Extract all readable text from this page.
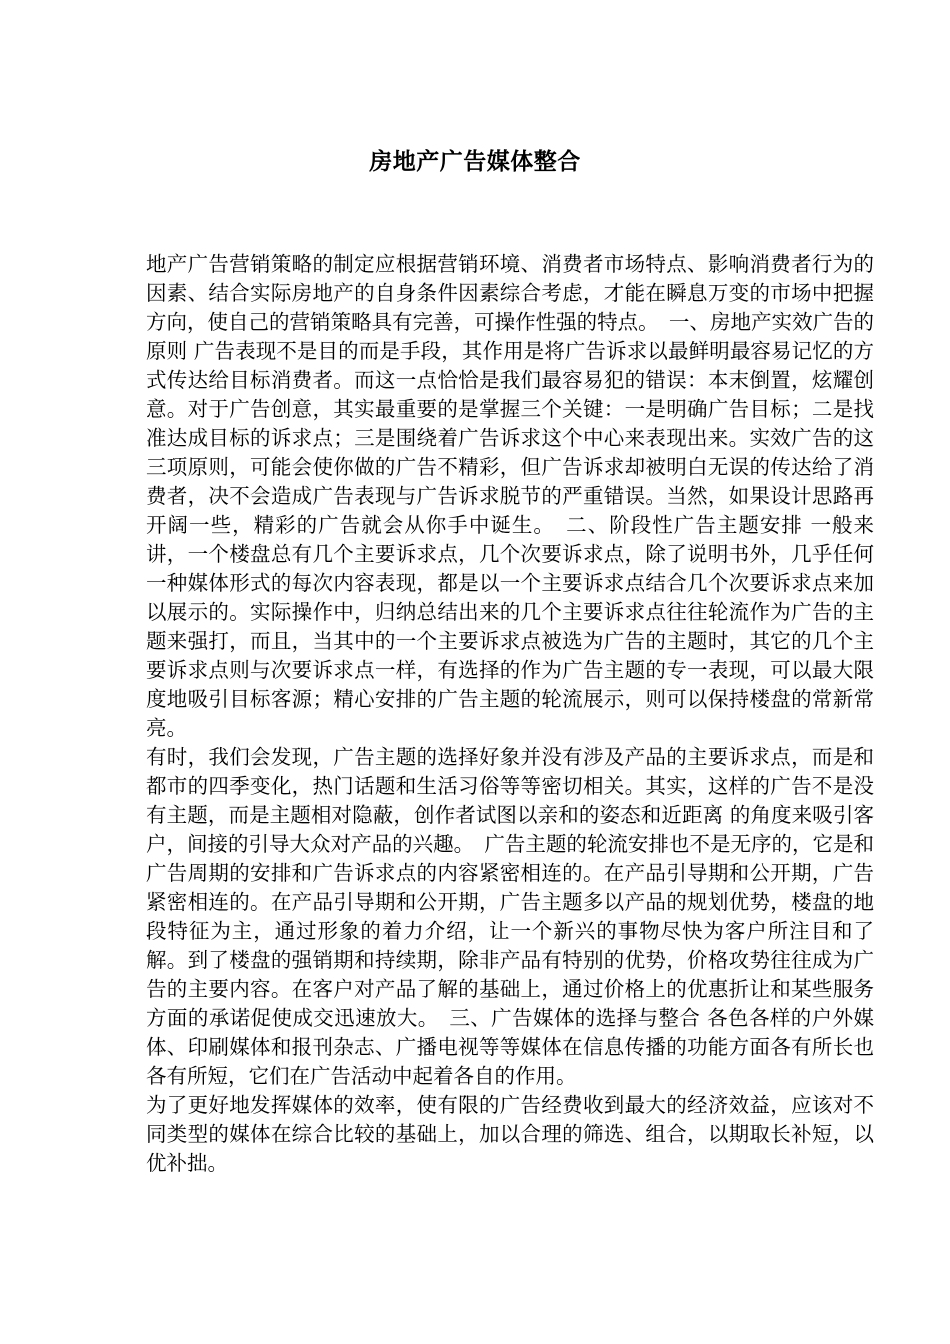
房地产广告媒体整合

地产广告营销策略的制定应根据营销环境、消费者市场特点、影响消费者行为的因素、结合实际房地产的自身条件因素综合考虑，才能在瞬息万变的市场中把握方向，使自己的营销策略具有完善，可操作性强的特点。　一、房地产实效广告的原则 广告表现不是目的而是手段，其作用是将广告诉求以最鲜明最容易记忆的方式传达给目标消费者。而这一点恰恰是我们最容易犯的错误：本末倒置，炫耀创意。对于广告创意，其实最重要的是掌握三个关键：一是明确广告目标；二是找准达成目标的诉求点；三是围绕着广告诉求这个中心来表现出来。实效广告的这三项原则，可能会使你做的广告不精彩，但广告诉求却被明白无误的传达给了消费者，决不会造成广告表现与广告诉求脱节的严重错误。当然，如果设计思路再开阔一些，精彩的广告就会从你手中诞生。　二、阶段性广告主题安排 一般来讲，一个楼盘总有几个主要诉求点，几个次要诉求点，除了说明书外，几乎任何一种媒体形式的每次内容表现，都是以一个主要诉求点结合几个次要诉求点来加以展示的。实际操作中，归纳总结出来的几个主要诉求点往往轮流作为广告的主题来强打，而且，当其中的一个主要诉求点被选为广告的主题时，其它的几个主要诉求点则与次要诉求点一样，有选择的作为广告主题的专一表现，可以最大限度地吸引目标客源；精心安排的广告主题的轮流展示，则可以保持楼盘的常新常亮。

有时，我们会发现，广告主题的选择好象并没有涉及产品的主要诉求点，而是和都市的四季变化，热门话题和生活习俗等等密切相关。其实，这样的广告不是没有主题，而是主题相对隐蔽，创作者试图以亲和的姿态和近距离 的角度来吸引客户，间接的引导大众对产品的兴趣。　广告主题的轮流安排也不是无序的，它是和广告周期的安排和广告诉求点的内容紧密相连的。在产品引导期和公开期，广告紧密相连的。在产品引导期和公开期，广告主题多以产品的规划优势，楼盘的地段特征为主，通过形象的着力介绍，让一个新兴的事物尽快为客户所注目和了解。到了楼盘的强销期和持续期，除非产品有特别的优势，价格攻势往往成为广告的主要内容。在客户对产品了解的基础上，通过价格上的优惠折让和某些服务方面的承诺促使成交迅速放大。　三、广告媒体的选择与整合 各色各样的户外媒体、印刷媒体和报刊杂志、广播电视等等媒体在信息传播的功能方面各有所长也各有所短，它们在广告活动中起着各自的作用。

为了更好地发挥媒体的效率，使有限的广告经费收到最大的经济效益，应该对不同类型的媒体在综合比较的基础上，加以合理的筛选、组合，以期取长补短，以优补拙。
